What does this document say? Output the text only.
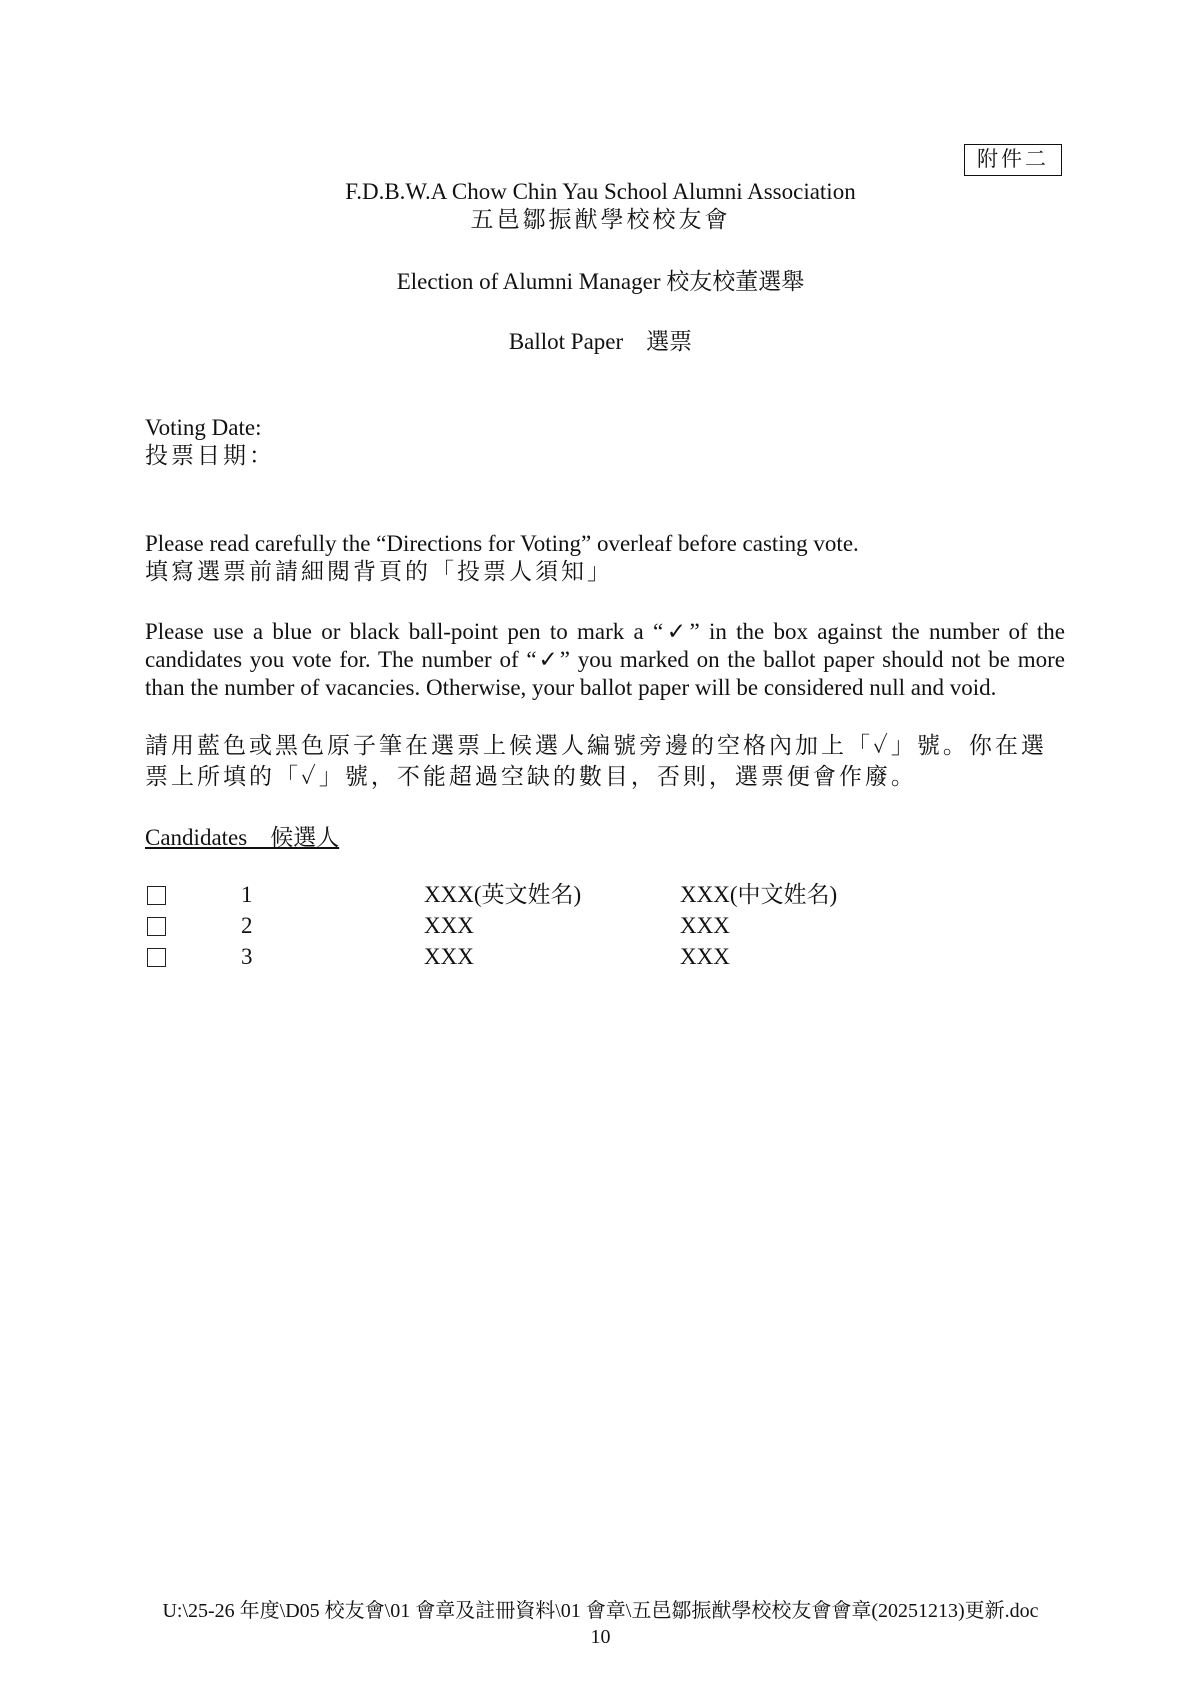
附件二
F.D.B.W.A Chow Chin Yau School Alumni Association
五邑鄒振猷學校校友會
Election of Alumni Manager 校友校董選舉
Ballot Paper　選票
Voting Date:
投票日期：
Please read carefully the “Directions for Voting” overleaf before casting vote.
填寫選票前請細閱背頁的「投票人須知」
Please use a blue or black ball-point pen to mark a “✓” in the box against the number of the candidates you vote for. The number of “✓” you marked on the ballot paper should not be more than the number of vacancies. Otherwise, your ballot paper will be considered null and void.
請用藍色或黑色原子筆在選票上候選人編號旁邊的空格內加上「✓」號。你在選票上所填的「✓」號，不能超過空缺的數目，否則，選票便會作廢。
Candidates　候選人
1	XXX(英文姓名)	XXX(中文姓名)
2	XXX	XXX
3	XXX	XXX
U:\25-26 年度\D05 校友會\01 會章及註冊資料\01 會章\五邑鄒振猷學校校友會會章(20251213)更新.doc
10
